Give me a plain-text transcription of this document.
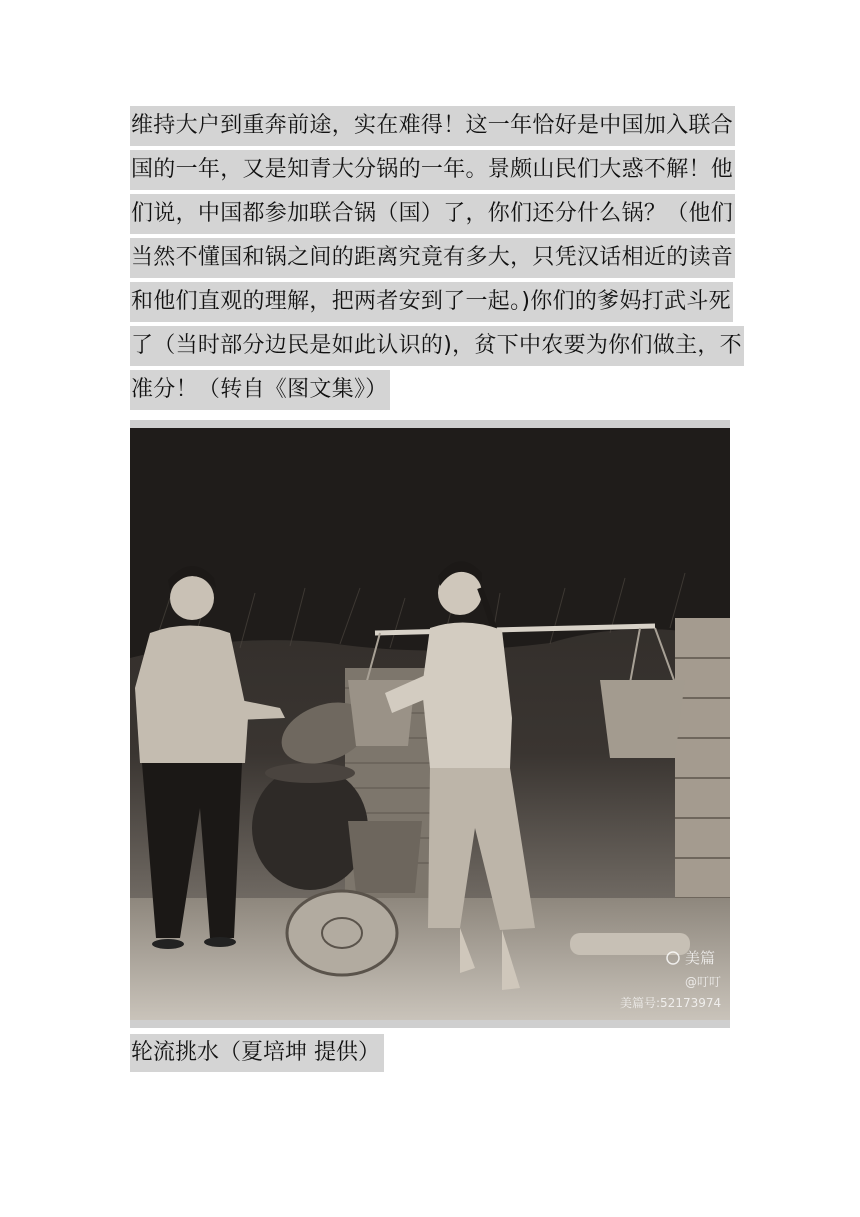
维持大户到重奔前途，实在难得！这一年恰好是中国加入联合
国的一年，又是知青大分锅的一年。景颇山民们大惑不解！他
们说，中国都参加联合锅（国）了，你们还分什么锅？（他们
当然不懂国和锅之间的距离究竟有多大，只凭汉话相近的读音
和他们直观的理解，把两者安到了一起。)你们的爹妈打武斗死
了（当时部分边民是如此认识的)，贫下中农要为你们做主，不
准分！（转自《图文集》）
美篇
@叮叮
美篇号:52173974
轮流挑水（夏培坤 提供）
